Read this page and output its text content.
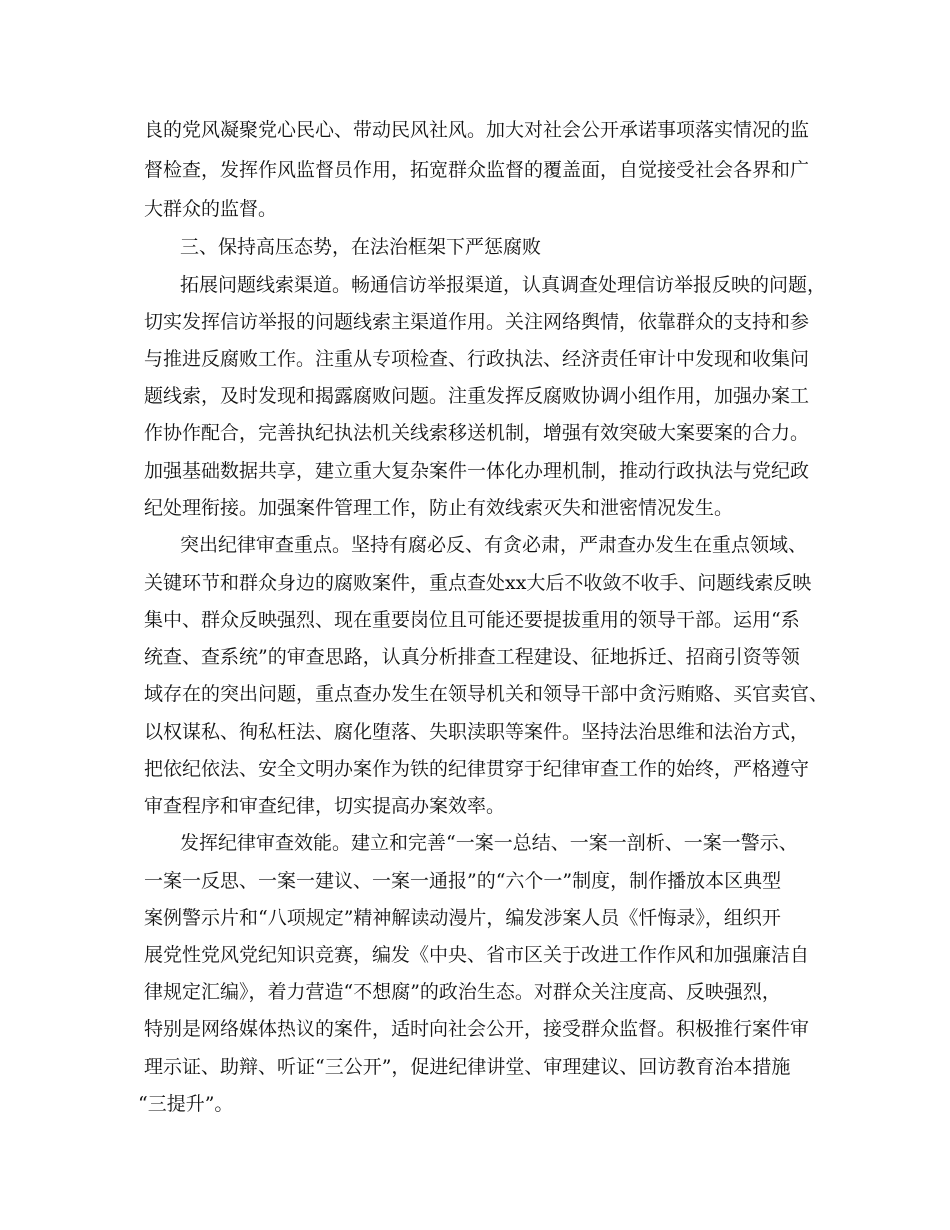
良的党风凝聚党心民心、带动民风社风。加大对社会公开承诺事项落实情况的监
督检查，发挥作风监督员作用，拓宽群众监督的覆盖面，自觉接受社会各界和广
大群众的监督。
三、保持高压态势，在法治框架下严惩腐败
拓展问题线索渠道。畅通信访举报渠道，认真调查处理信访举报反映的问题，
切实发挥信访举报的问题线索主渠道作用。关注网络舆情，依靠群众的支持和参
与推进反腐败工作。注重从专项检查、行政执法、经济责任审计中发现和收集问
题线索，及时发现和揭露腐败问题。注重发挥反腐败协调小组作用，加强办案工
作协作配合，完善执纪执法机关线索移送机制，增强有效突破大案要案的合力。
加强基础数据共享，建立重大复杂案件一体化办理机制，推动行政执法与党纪政
纪处理衔接。加强案件管理工作，防止有效线索灭失和泄密情况发生。
突出纪律审查重点。坚持有腐必反、有贪必肃，严肃查办发生在重点领域、
关键环节和群众身边的腐败案件，重点查处xx大后不收敛不收手、问题线索反映
集中、群众反映强烈、现在重要岗位且可能还要提拔重用的领导干部。运用“系
统查、查系统”的审查思路，认真分析排查工程建设、征地拆迁、招商引资等领
域存在的突出问题，重点查办发生在领导机关和领导干部中贪污贿赂、买官卖官、
以权谋私、徇私枉法、腐化堕落、失职渎职等案件。坚持法治思维和法治方式，
把依纪依法、安全文明办案作为铁的纪律贯穿于纪律审查工作的始终，严格遵守
审查程序和审查纪律，切实提高办案效率。
发挥纪律审查效能。建立和完善“一案一总结、一案一剖析、一案一警示、
一案一反思、一案一建议、一案一通报”的“六个一”制度，制作播放本区典型
案例警示片和“八项规定”精神解读动漫片，编发涉案人员《忏悔录》，组织开
展党性党风党纪知识竞赛，编发《中央、省市区关于改进工作作风和加强廉洁自
律规定汇编》，着力营造“不想腐”的政治生态。对群众关注度高、反映强烈，
特别是网络媒体热议的案件，适时向社会公开，接受群众监督。积极推行案件审
理示证、助辩、听证“三公开”，促进纪律讲堂、审理建议、回访教育治本措施
“三提升”。
